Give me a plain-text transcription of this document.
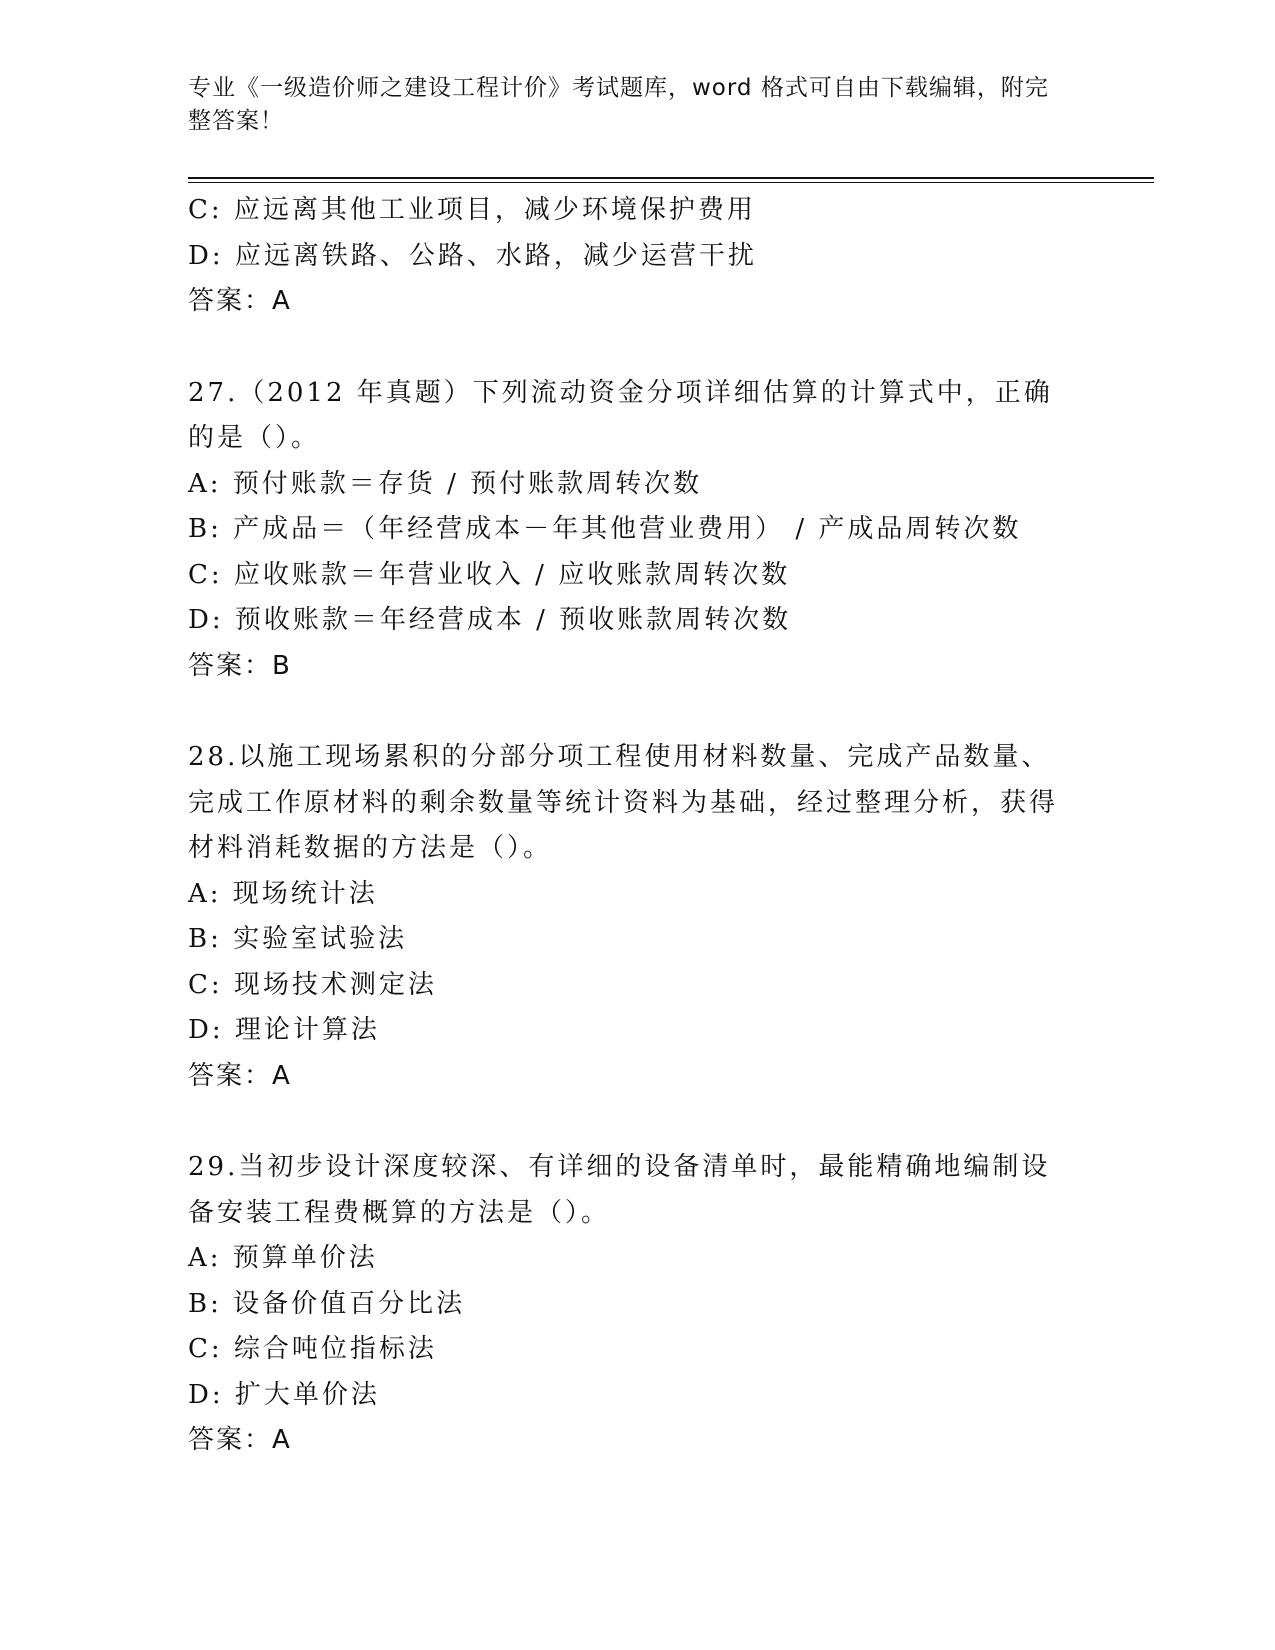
专业《一级造价师之建设工程计价》考试题库，word 格式可自由下载编辑，附完整答案！
C: 应远离其他工业项目，减少环境保护费用
D: 应远离铁路、公路、水路，减少运营干扰
答案：A
27.（2012 年真题）下列流动资金分项详细估算的计算式中，正确的是（）。
A: 预付账款＝存货 / 预付账款周转次数
B: 产成品＝（年经营成本－年其他营业费用） / 产成品周转次数
C: 应收账款＝年营业收入 / 应收账款周转次数
D: 预收账款＝年经营成本 / 预收账款周转次数
答案：B
28.以施工现场累积的分部分项工程使用材料数量、完成产品数量、完成工作原材料的剩余数量等统计资料为基础，经过整理分析，获得材料消耗数据的方法是（）。
A: 现场统计法
B: 实验室试验法
C: 现场技术测定法
D: 理论计算法
答案：A
29.当初步设计深度较深、有详细的设备清单时，最能精确地编制设备安装工程费概算的方法是（）。
A: 预算单价法
B: 设备价值百分比法
C: 综合吨位指标法
D: 扩大单价法
答案：A
